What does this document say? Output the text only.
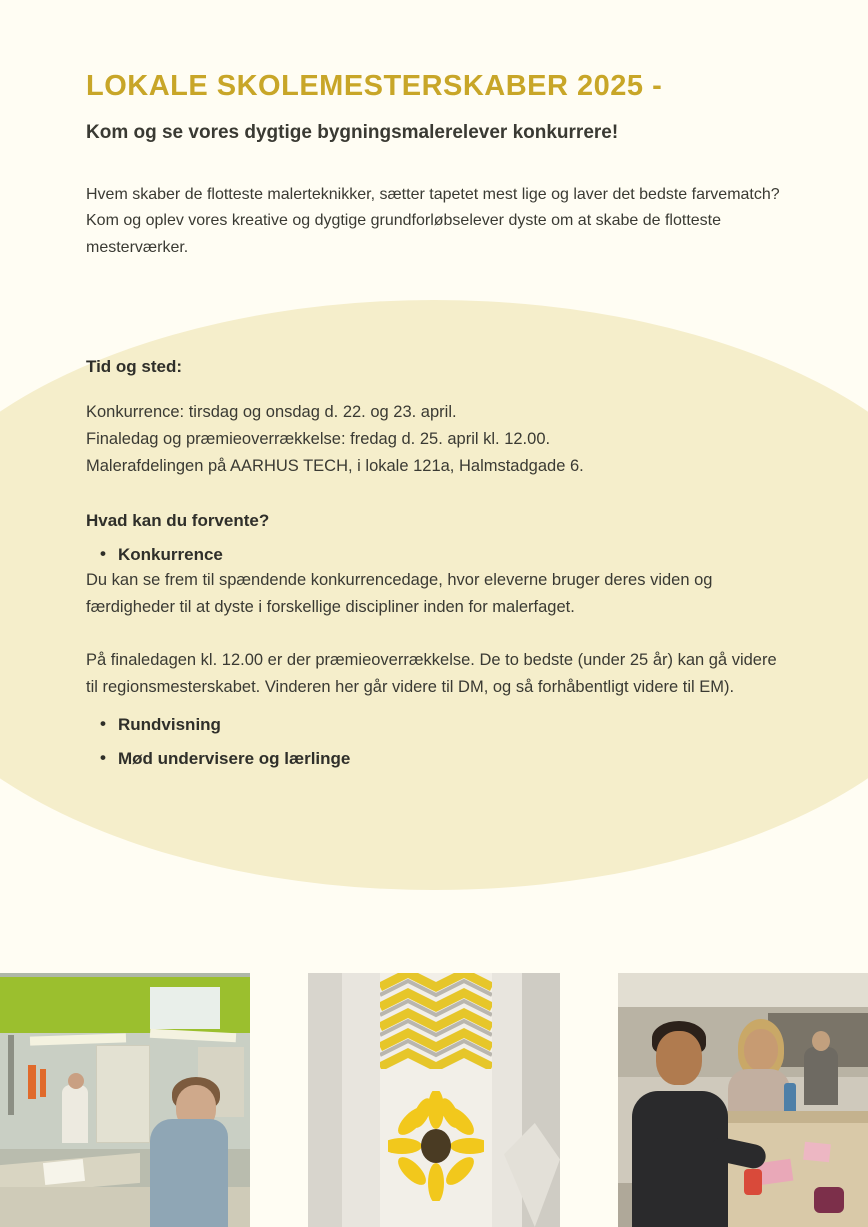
LOKALE SKOLEMESTERSKABER 2025 -

Kom og se vores dygtige bygningsmalerelever konkurrere!

Hvem skaber de flotteste malerteknikker, sætter tapetet mest lige og laver det bedste farvematch? Kom og oplev vores kreative og dygtige grundforløbselever dyste om at skabe de flotteste mesterværker.

Tid og sted:

Konkurrence: tirsdag og onsdag d. 22. og 23. april.
Finaledag og præmieoverrækkelse: fredag d. 25. april kl. 12.00.
Malerafdelingen på AARHUS TECH, i lokale 121a, Halmstadgade 6.

Hvad kan du forvente?
• Konkurrence

Du kan se frem til spændende konkurrencedage, hvor eleverne bruger deres viden og færdigheder til at dyste i forskellige discipliner inden for malerfaget.

På finaledagen kl. 12.00 er der præmieoverrækkelse. De to bedste (under 25 år) kan gå videre til regionsmesterskabet. Vinderen her går videre til DM, og så forhåbentligt videre til EM).

• Rundvisning
• Mød undervisere og lærlinge
